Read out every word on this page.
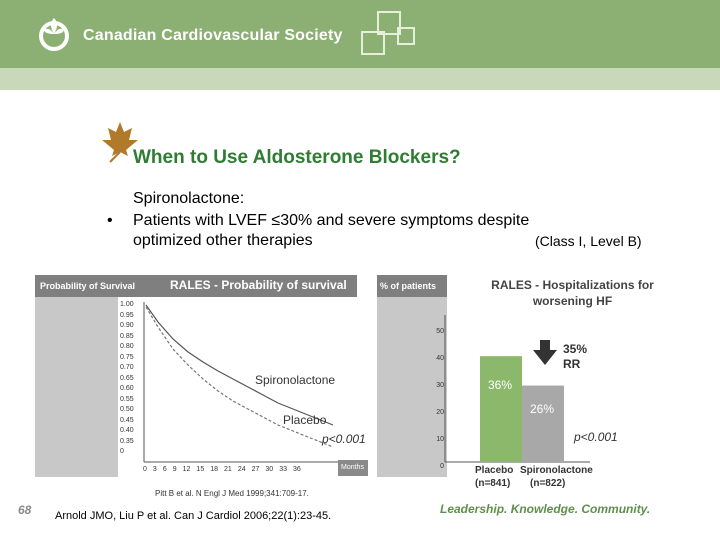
Canadian Cardiovascular Society
When to Use Aldosterone Blockers?
Spironolactone:
• Patients with LVEF ≤30% and severe symptoms despite
optimized other therapies	(Class I, Level B)
Probability of Survival	RALES - Probability of survival
1.00
0.95
0.90
0.85
0.80
0.75
0.70
0.65
0.60
0.55
0.50
0.45
0.40
0.35
0
0 3 6 9 12 15 18 21 24 27 30 33 36	Months
Spironolactone
Placebo
p<0.001
Pitt B et al. N Engl J Med 1999;341:709-17.
% of patients	RALES - Hospitalizations for
worsening HF
50
40
30
20
10
0
36%
26%
35%
RR
p<0.001
Placebo
(n=841)
Spironolactone
(n=822)
68 Arnold JMO, Liu P et al. Can J Cardiol 2006;22(1):23-45.	Leadership. Knowledge. Community.
